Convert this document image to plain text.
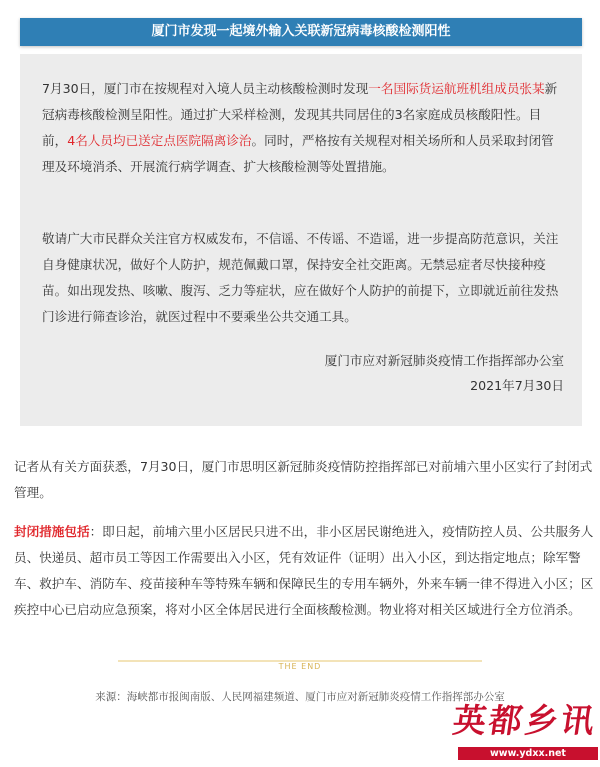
厦门市发现一起境外输入关联新冠病毒核酸检测阳性

7月30日，厦门市在按规程对入境人员主动核酸检测时发现一名国际货运航班机组成员张某新冠病毒核酸检测呈阳性。通过扩大采样检测，发现其共同居住的3名家庭成员核酸阳性。目前，4名人员均已送定点医院隔离诊治。同时，严格按有关规程对相关场所和人员采取封闭管理及环境消杀、开展流行病学调查、扩大核酸检测等处置措施。

敬请广大市民群众关注官方权威发布，不信谣、不传谣、不造谣，进一步提高防范意识，关注自身健康状况，做好个人防护，规范佩戴口罩，保持安全社交距离。无禁忌症者尽快接种疫苗。如出现发热、咳嗽、腹泻、乏力等症状，应在做好个人防护的前提下，立即就近前往发热门诊进行筛查诊治，就医过程中不要乘坐公共交通工具。

厦门市应对新冠肺炎疫情工作指挥部办公室

2021年7月30日

记者从有关方面获悉，7月30日，厦门市思明区新冠肺炎疫情防控指挥部已对前埔六里小区实行了封闭式管理。

封闭措施包括：即日起，前埔六里小区居民只进不出，非小区居民谢绝进入，疫情防控人员、公共服务人员、快递员、超市员工等因工作需要出入小区，凭有效证件（证明）出入小区，到达指定地点；除军警车、救护车、消防车、疫苗接种车等特殊车辆和保障民生的专用车辆外，外来车辆一律不得进入小区；区疾控中心已启动应急预案，将对小区全体居民进行全面核酸检测。物业将对相关区域进行全方位消杀。

THE END
来源：海峡都市报闽南版、人民网福建频道、厦门市应对新冠肺炎疫情工作指挥部办公室
英都乡讯
www.ydxx.net
